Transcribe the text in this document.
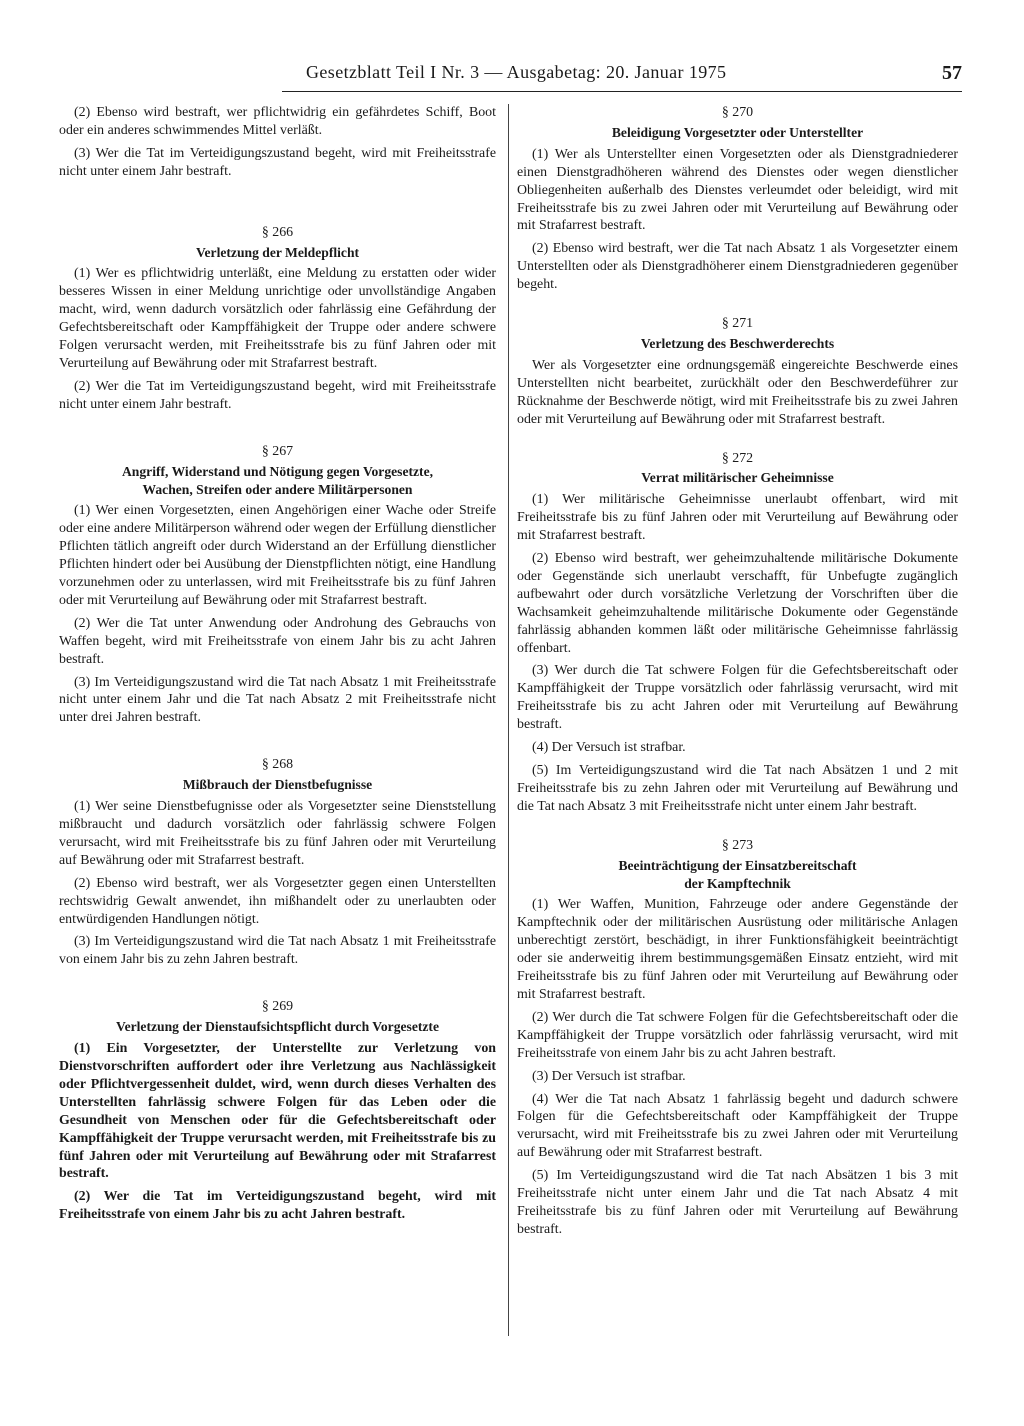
Gesetzblatt Teil I Nr. 3 — Ausgabetag: 20. Januar 1975	57

(2) Ebenso wird bestraft, wer pflichtwidrig ein gefährdetes Schiff, Boot oder ein anderes schwimmendes Mittel verläßt.

(3) Wer die Tat im Verteidigungszustand begeht, wird mit Freiheitsstrafe nicht unter einem Jahr bestraft.

§ 266

Verletzung der Meldepflicht

(1) Wer es pflichtwidrig unterläßt, eine Meldung zu erstatten oder wider besseres Wissen in einer Meldung unrichtige oder unvollständige Angaben macht, wird, wenn dadurch vorsätzlich oder fahrlässig eine Gefährdung der Gefechtsbereitschaft oder Kampffähigkeit der Truppe oder andere schwere Folgen verursacht werden, mit Freiheitsstrafe bis zu fünf Jahren oder mit Verurteilung auf Bewährung oder mit Strafarrest bestraft.

(2) Wer die Tat im Verteidigungszustand begeht, wird mit Freiheitsstrafe nicht unter einem Jahr bestraft.

§ 267

Angriff, Widerstand und Nötigung gegen Vorgesetzte,

Wachen, Streifen oder andere Militärpersonen

(1) Wer einen Vorgesetzten, einen Angehörigen einer Wache oder Streife oder eine andere Militärperson während oder wegen der Erfüllung dienstlicher Pflichten tätlich angreift oder durch Widerstand an der Erfüllung dienstlicher Pflichten hindert oder bei Ausübung der Dienstpflichten nötigt, eine Handlung vorzunehmen oder zu unterlassen, wird mit Freiheitsstrafe bis zu fünf Jahren oder mit Verurteilung auf Bewährung oder mit Strafarrest bestraft.

(2) Wer die Tat unter Anwendung oder Androhung des Gebrauchs von Waffen begeht, wird mit Freiheitsstrafe von einem Jahr bis zu acht Jahren bestraft.

(3) Im Verteidigungszustand wird die Tat nach Absatz 1 mit Freiheitsstrafe nicht unter einem Jahr und die Tat nach Absatz 2 mit Freiheitsstrafe nicht unter drei Jahren bestraft.

§ 268

Mißbrauch der Dienstbefugnisse

(1) Wer seine Dienstbefugnisse oder als Vorgesetzter seine Dienststellung mißbraucht und dadurch vorsätzlich oder fahrlässig schwere Folgen verursacht, wird mit Freiheitsstrafe bis zu fünf Jahren oder mit Verurteilung auf Bewährung oder mit Strafarrest bestraft.

(2) Ebenso wird bestraft, wer als Vorgesetzter gegen einen Unterstellten rechtswidrig Gewalt anwendet, ihn mißhandelt oder zu unerlaubten oder entwürdigenden Handlungen nötigt.

(3) Im Verteidigungszustand wird die Tat nach Absatz 1 mit Freiheitsstrafe von einem Jahr bis zu zehn Jahren bestraft.

§ 269

Verletzung der Dienstaufsichtspflicht durch Vorgesetzte

(1) Ein Vorgesetzter, der Unterstellte zur Verletzung von Dienstvorschriften auffordert oder ihre Verletzung aus Nachlässigkeit oder Pflichtvergessenheit duldet, wird, wenn durch dieses Verhalten des Unterstellten fahrlässig schwere Folgen für das Leben oder die Gesundheit von Menschen oder für die Gefechtsbereitschaft oder Kampffähigkeit der Truppe verursacht werden, mit Freiheitsstrafe bis zu fünf Jahren oder mit Verurteilung auf Bewährung oder mit Strafarrest bestraft.

(2) Wer die Tat im Verteidigungszustand begeht, wird mit Freiheitsstrafe von einem Jahr bis zu acht Jahren bestraft.

§ 270

Beleidigung Vorgesetzter oder Unterstellter

(1) Wer als Unterstellter einen Vorgesetzten oder als Dienstgradniederer einen Dienstgradhöheren während des Dienstes oder wegen dienstlicher Obliegenheiten außerhalb des Dienstes verleumdet oder beleidigt, wird mit Freiheitsstrafe bis zu zwei Jahren oder mit Verurteilung auf Bewährung oder mit Strafarrest bestraft.

(2) Ebenso wird bestraft, wer die Tat nach Absatz 1 als Vorgesetzter einem Unterstellten oder als Dienstgradhöherer einem Dienstgradniederen gegenüber begeht.

§ 271

Verletzung des Beschwerderechts

Wer als Vorgesetzter eine ordnungsgemäß eingereichte Beschwerde eines Unterstellten nicht bearbeitet, zurückhält oder den Beschwerdeführer zur Rücknahme der Beschwerde nötigt, wird mit Freiheitsstrafe bis zu zwei Jahren oder mit Verurteilung auf Bewährung oder mit Strafarrest bestraft.

§ 272

Verrat militärischer Geheimnisse

(1) Wer militärische Geheimnisse unerlaubt offenbart, wird mit Freiheitsstrafe bis zu fünf Jahren oder mit Verurteilung auf Bewährung oder mit Strafarrest bestraft.

(2) Ebenso wird bestraft, wer geheimzuhaltende militärische Dokumente oder Gegenstände sich unerlaubt verschafft, für Unbefugte zugänglich aufbewahrt oder durch vorsätzliche Verletzung der Vorschriften über die Wachsamkeit geheimzuhaltende militärische Dokumente oder Gegenstände fahrlässig abhanden kommen läßt oder militärische Geheimnisse fahrlässig offenbart.

(3) Wer durch die Tat schwere Folgen für die Gefechtsbereitschaft oder Kampffähigkeit der Truppe vorsätzlich oder fahrlässig verursacht, wird mit Freiheitsstrafe bis zu acht Jahren oder mit Verurteilung auf Bewährung bestraft.

(4) Der Versuch ist strafbar.

(5) Im Verteidigungszustand wird die Tat nach Absätzen 1 und 2 mit Freiheitsstrafe bis zu zehn Jahren oder mit Verurteilung auf Bewährung und die Tat nach Absatz 3 mit Freiheitsstrafe nicht unter einem Jahr bestraft.

§ 273

Beeinträchtigung der Einsatzbereitschaft

der Kampftechnik

(1) Wer Waffen, Munition, Fahrzeuge oder andere Gegenstände der Kampftechnik oder der militärischen Ausrüstung oder militärische Anlagen unberechtigt zerstört, beschädigt, in ihrer Funktionsfähigkeit beeinträchtigt oder sie anderweitig ihrem bestimmungsgemäßen Einsatz entzieht, wird mit Freiheitsstrafe bis zu fünf Jahren oder mit Verurteilung auf Bewährung oder mit Strafarrest bestraft.

(2) Wer durch die Tat schwere Folgen für die Gefechtsbereitschaft oder die Kampffähigkeit der Truppe vorsätzlich oder fahrlässig verursacht, wird mit Freiheitsstrafe von einem Jahr bis zu acht Jahren bestraft.

(3) Der Versuch ist strafbar.

(4) Wer die Tat nach Absatz 1 fahrlässig begeht und dadurch schwere Folgen für die Gefechtsbereitschaft oder Kampffähigkeit der Truppe verursacht, wird mit Freiheitsstrafe bis zu zwei Jahren oder mit Verurteilung auf Bewährung oder mit Strafarrest bestraft.

(5) Im Verteidigungszustand wird die Tat nach Absätzen 1 bis 3 mit Freiheitsstrafe nicht unter einem Jahr und die Tat nach Absatz 4 mit Freiheitsstrafe bis zu fünf Jahren oder mit Verurteilung auf Bewährung bestraft.
